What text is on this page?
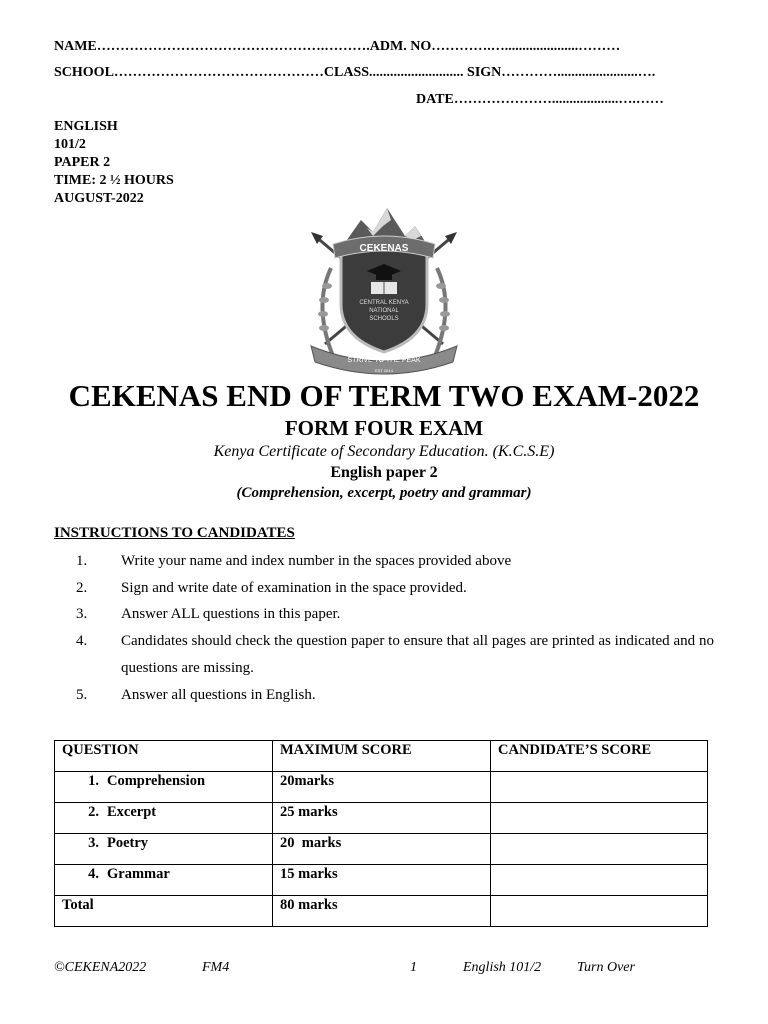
NAME………………………………………….……….ADM. NO………….….....................………
SCHOOL………………………………………CLASS........................... SIGN………….......................….
DATE…………………...................….……
ENGLISH
101/2
PAPER 2
TIME: 2 ½ HOURS
AUGUST-2022
CEKENAS
CENTRAL KENYA
NATIONAL
SCHOOLS
STRIVE TO THE PEAK
EST 2014
CEKENAS END OF TERM TWO EXAM-2022
FORM FOUR EXAM
Kenya Certificate of Secondary Education. (K.C.S.E)
English paper 2
(Comprehension, excerpt, poetry and grammar)
INSTRUCTIONS TO CANDIDATES
1.	Write your name and index number in the spaces provided above
2.	Sign and write date of examination in the space provided.
3.	Answer ALL questions in this paper.
4.	Candidates should check the question paper to ensure that all pages are printed as indicated and no questions are missing.
5.	Answer all questions in English.
QUESTION	MAXIMUM SCORE	CANDIDATE’S SCORE
1. Comprehension	20marks	
2. Excerpt	25 marks	
3. Poetry	20  marks	
4. Grammar	15 marks	
Total	80 marks	
©CEKENA2022	FM4	1	English 101/2	Turn Over
